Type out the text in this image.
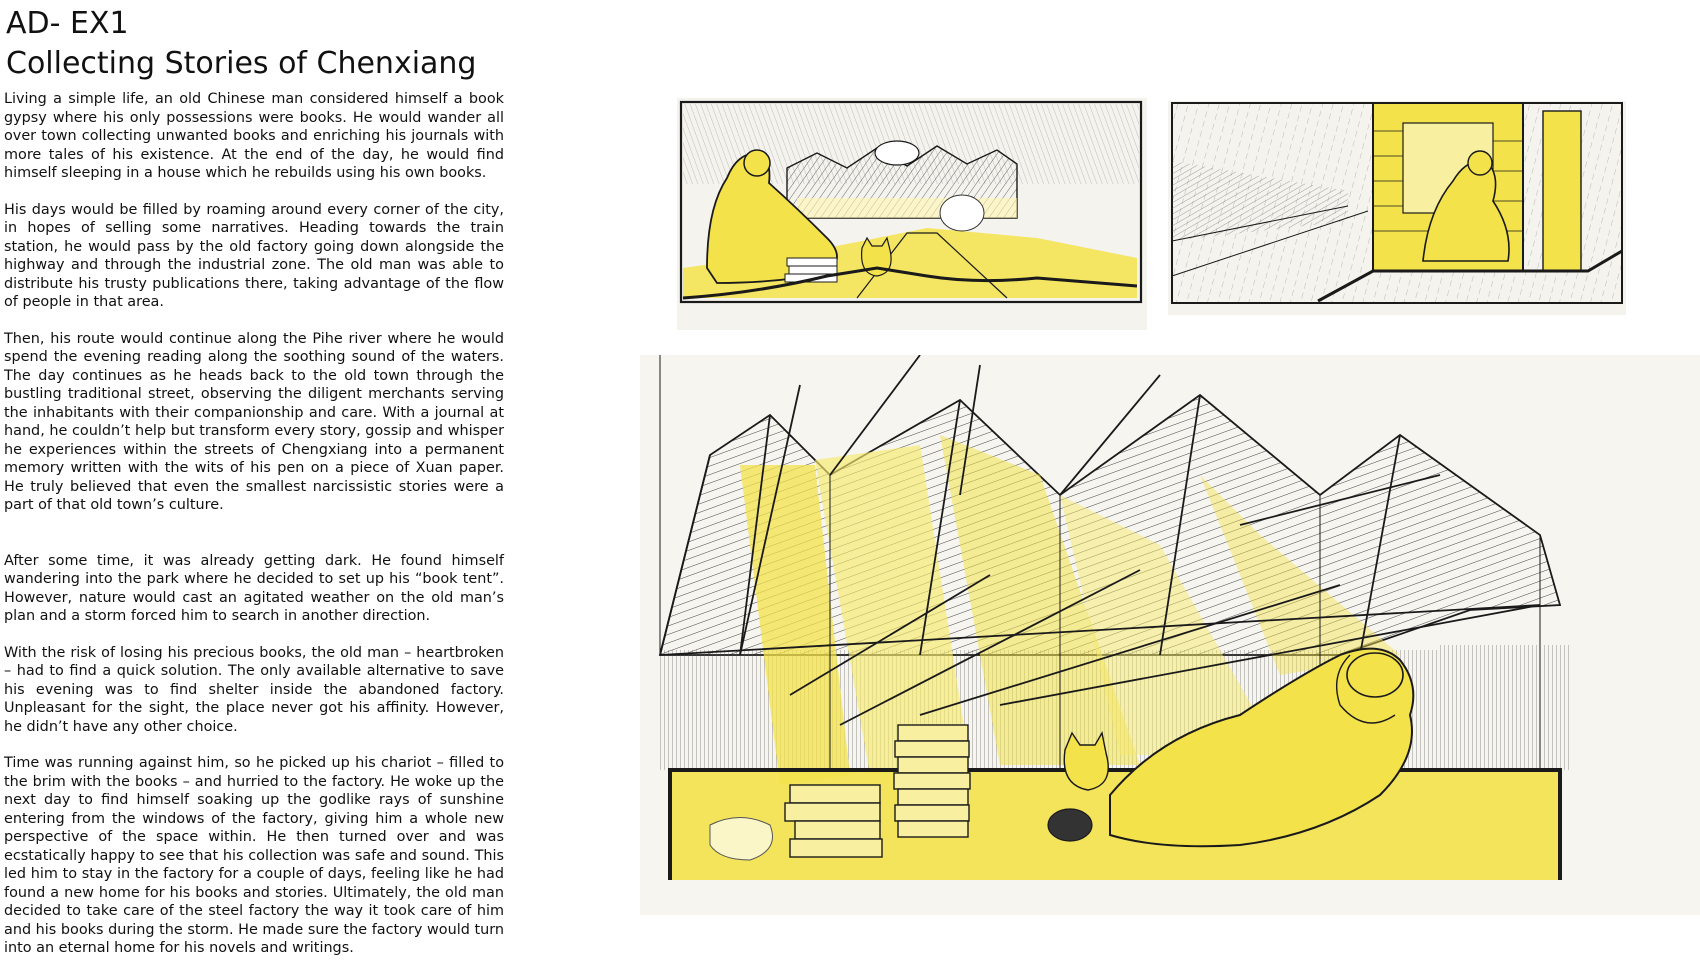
AD- EX1
Collecting Stories of Chenxiang

Living a simple life, an old Chinese man considered himself a book gypsy where his only possessions were books. He would wander all over town collecting unwanted books and enriching his journals with more tales of his existence. At the end of the day, he would find himself sleeping in a house which he rebuilds using his own books.

His days would be filled by roaming around every corner of the city, in hopes of selling some narratives. Heading towards the train station, he would pass by the old factory going down alongside the highway and through the industrial zone. The old man was able to distribute his trusty publications there, taking advantage of the flow of people in that area.

Then, his route would continue along the Pihe river where he would spend the evening reading along the soothing sound of the waters. The day continues as he heads back to the old town through the bustling traditional street, observing the diligent merchants serving the inhabitants with their companionship and care. With a journal at hand, he couldn’t help but transform every story, gossip and whisper he experiences within the streets of Chengxiang into a permanent memory written with the wits of his pen on a piece of Xuan paper. He truly believed that even the smallest narcissistic stories were a part of that old town’s culture.

After some time, it was already getting dark. He found himself wandering into the park where he decided to set up his “book tent”. However, nature would cast an agitated weather on the old man’s plan and a storm forced him to search in another direction.

With the risk of losing his precious books, the old man – heartbroken – had to find a quick solution. The only available alternative to save his evening was to find shelter inside the abandoned factory. Unpleasant for the sight, the place never got his affinity. However, he didn’t have any other choice.

Time was running against him, so he picked up his chariot – filled to the brim with the books – and hurried to the factory. He woke up the next day to find himself soaking up the godlike rays of sunshine entering from the windows of the factory, giving him a whole new perspective of the space within. He then turned over and was ecstatically happy to see that his collection was safe and sound. This led him to stay in the factory for a couple of days, feeling like he had found a new home for his books and stories. Ultimately, the old man decided to take care of the steel factory the way it took care of him and his books during the storm. He made sure the factory would turn into an eternal home for his novels and writings.
